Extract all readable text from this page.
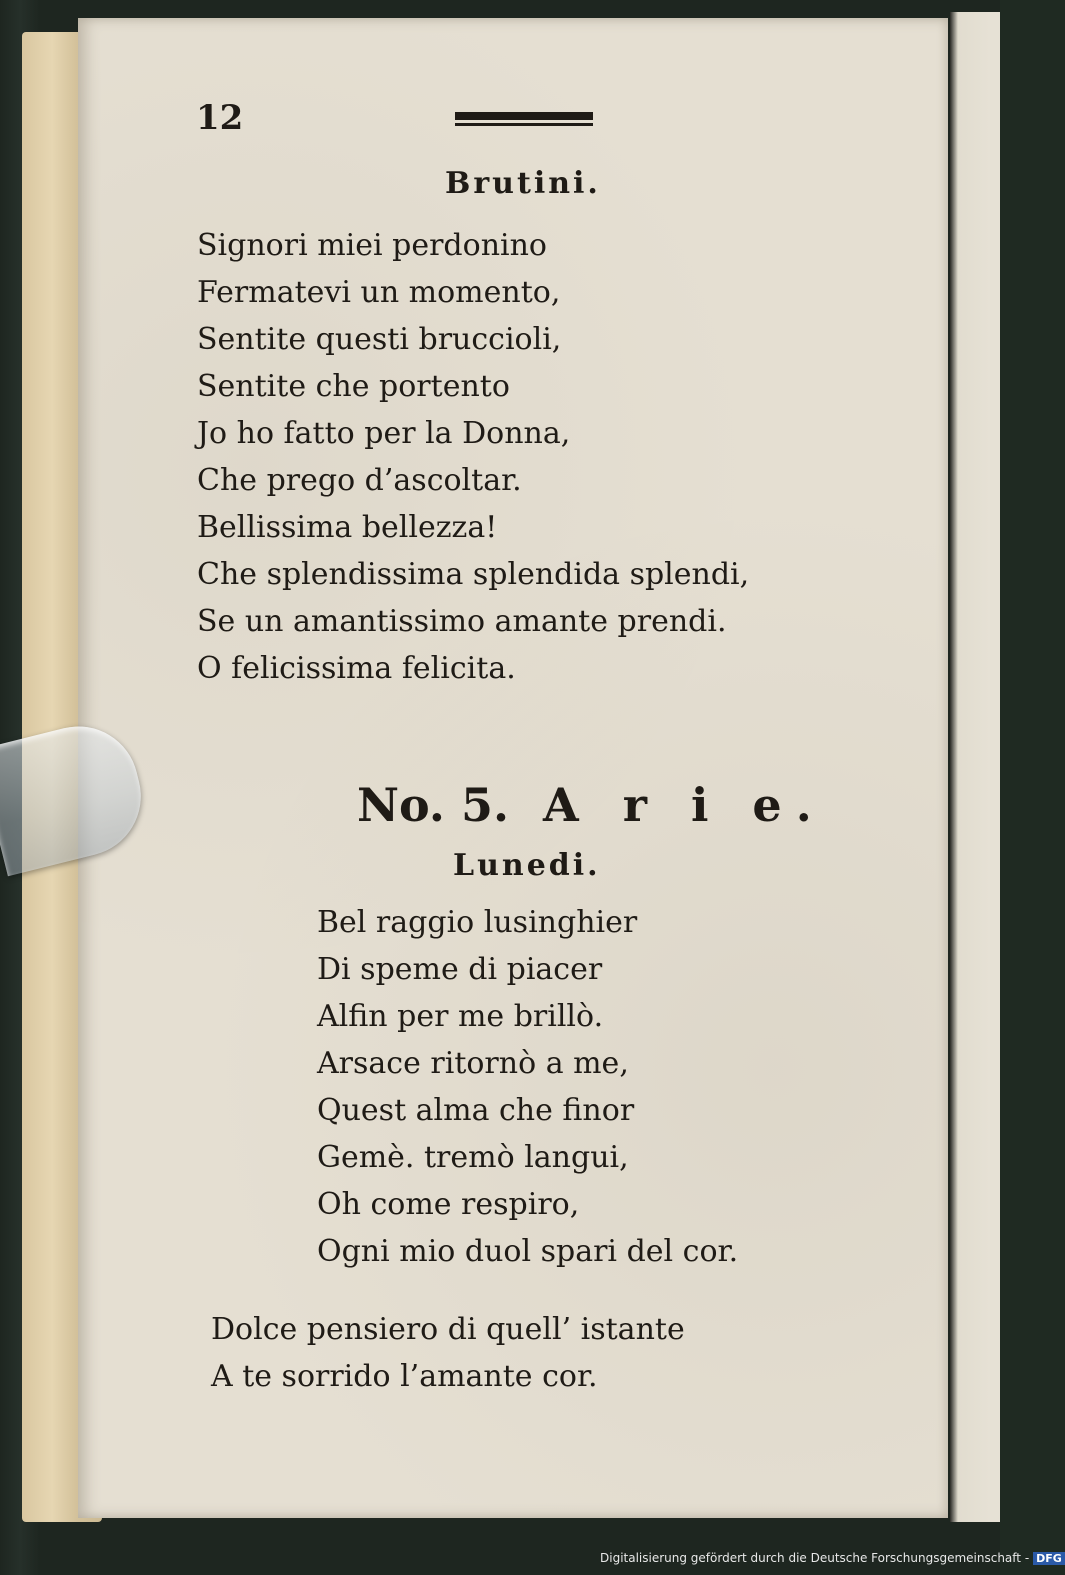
12
Brutini.
Signori miei perdonino
Fermatevi un momento,
Sentite questi bruccioli,
Sentite che portento
Jo ho fatto per la Donna,
Che prego d’ascoltar.
Bellissima bellezza!
Che splendissima splendida splendi,
Se un amantissimo amante prendi.
O felicissima felicita.
No. 5. A r i e.
Lunedi.
Bel raggio lusinghier
Di speme di piacer
Alfin per me brillò.
Arsace ritornò a me,
Quest alma che finor
Gemè. tremò langui,
Oh come respiro,
Ogni mio duol spari del cor.
Dolce pensiero di quell’ istante
A te sorrido l’amante cor.
Digitalisierung gefördert durch die Deutsche Forschungsgemeinschaft - DFG
